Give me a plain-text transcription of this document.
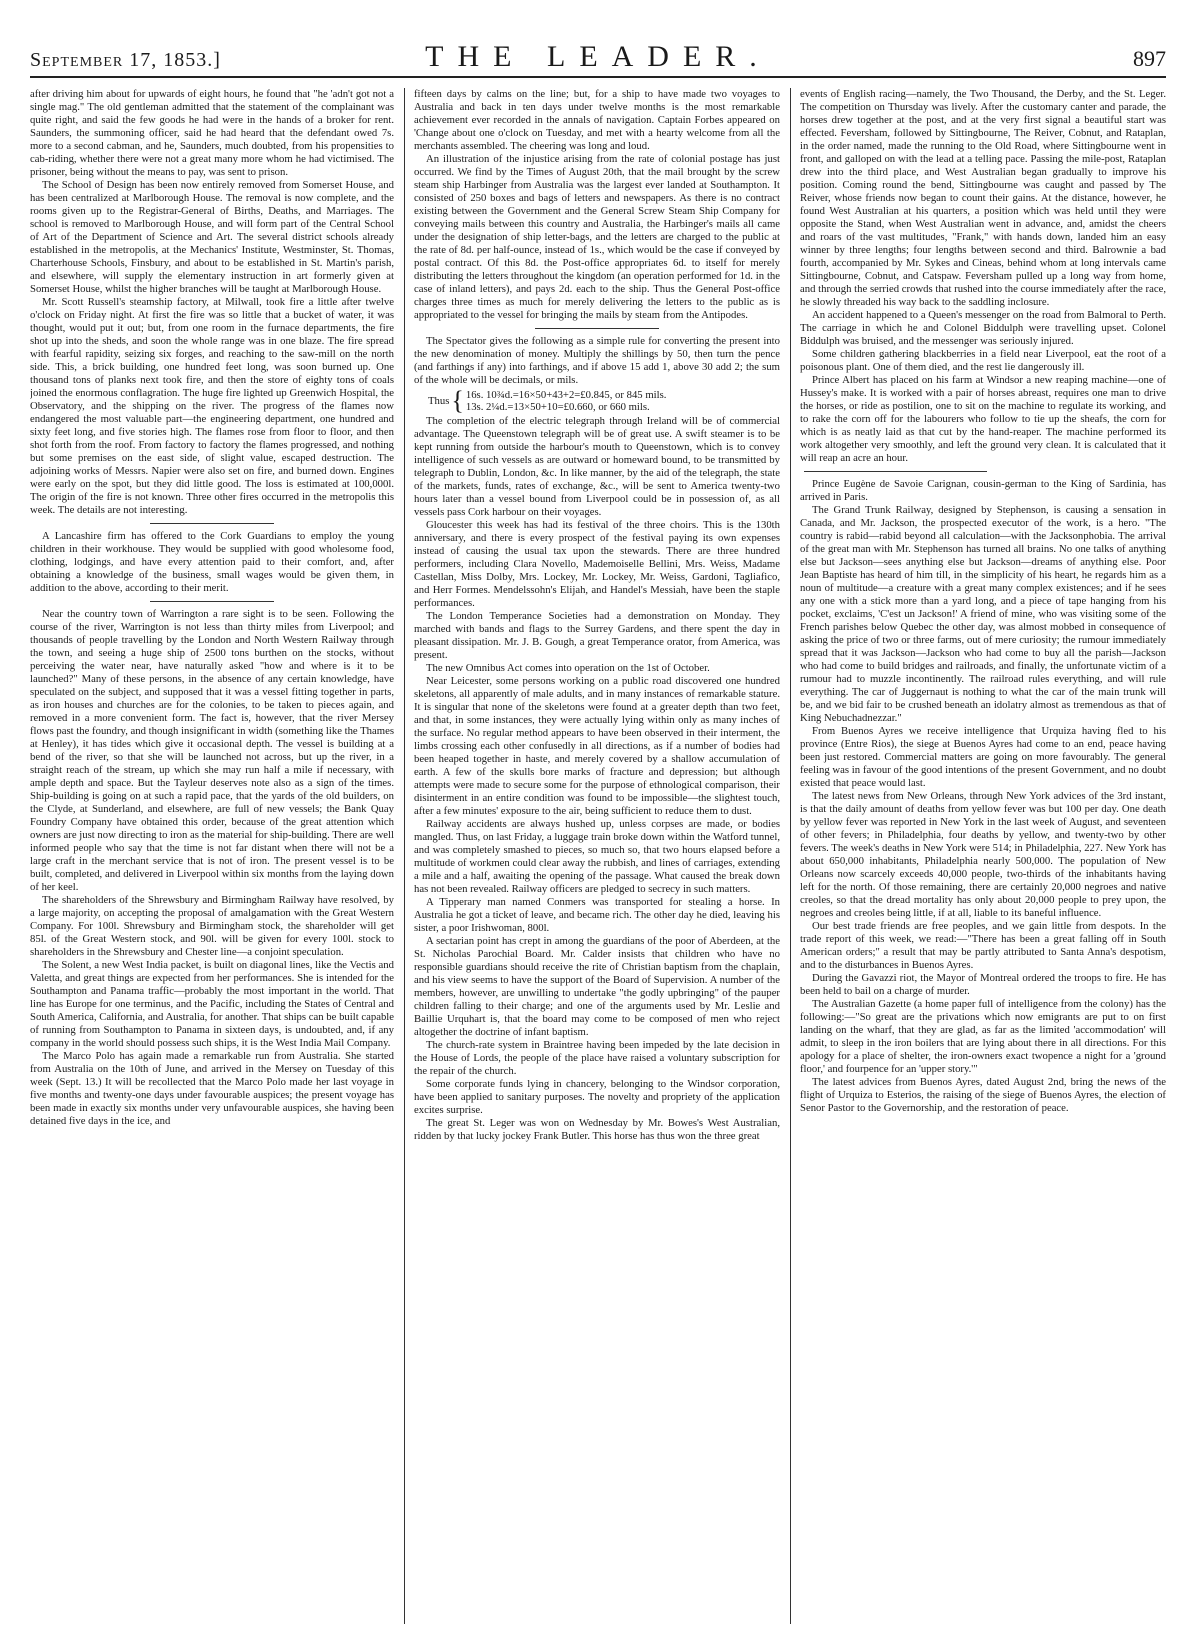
September 17, 1853.]	THE LEADER.	897

after driving him about for upwards of eight hours, he found that "he 'adn't got not a single mag." The old gentleman admitted that the statement of the complainant was quite right, and said the few goods he had were in the hands of a broker for rent. Saunders, the summoning officer, said he had heard that the defendant owed 7s. more to a second cabman, and he, Saunders, much doubted, from his propensities to cab-riding, whether there were not a great many more whom he had victimised. The prisoner, being without the means to pay, was sent to prison.

The School of Design has been now entirely removed from Somerset House, and has been centralized at Marlborough House. The removal is now complete, and the rooms given up to the Registrar-General of Births, Deaths, and Marriages. The school is removed to Marlborough House, and will form part of the Central School of Art of the Department of Science and Art. The several district schools already established in the metropolis, at the Mechanics' Institute, Westminster, St. Thomas, Charterhouse Schools, Finsbury, and about to be established in St. Martin's parish, and elsewhere, will supply the elementary instruction in art formerly given at Somerset House, whilst the higher branches will be taught at Marlborough House.

Mr. Scott Russell's steamship factory, at Milwall, took fire a little after twelve o'clock on Friday night. At first the fire was so little that a bucket of water, it was thought, would put it out; but, from one room in the furnace departments, the fire shot up into the sheds, and soon the whole range was in one blaze. The fire spread with fearful rapidity, seizing six forges, and reaching to the saw-mill on the north side. This, a brick building, one hundred feet long, was soon burned up. One thousand tons of planks next took fire, and then the store of eighty tons of coals joined the enormous conflagration. The huge fire lighted up Greenwich Hospital, the Observatory, and the shipping on the river. The progress of the flames now endangered the most valuable part—the engineering department, one hundred and sixty feet long, and five stories high. The flames rose from floor to floor, and then shot forth from the roof. From factory to factory the flames progressed, and nothing but some premises on the east side, of slight value, escaped destruction. The adjoining works of Messrs. Napier were also set on fire, and burned down. Engines were early on the spot, but they did little good. The loss is estimated at 100,000l. The origin of the fire is not known. Three other fires occurred in the metropolis this week. The details are not interesting.

A Lancashire firm has offered to the Cork Guardians to employ the young children in their workhouse. They would be supplied with good wholesome food, clothing, lodgings, and have every attention paid to their comfort, and, after obtaining a knowledge of the business, small wages would be given them, in addition to the above, according to their merit.

Near the country town of Warrington a rare sight is to be seen. Following the course of the river, Warrington is not less than thirty miles from Liverpool; and thousands of people travelling by the London and North Western Railway through the town, and seeing a huge ship of 2500 tons burthen on the stocks, without perceiving the water near, have naturally asked "how and where is it to be launched?" Many of these persons, in the absence of any certain knowledge, have speculated on the subject, and supposed that it was a vessel fitting together in parts, as iron houses and churches are for the colonies, to be taken to pieces again, and removed in a more convenient form. The fact is, however, that the river Mersey flows past the foundry, and though insignificant in width (something like the Thames at Henley), it has tides which give it occasional depth. The vessel is building at a bend of the river, so that she will be launched not across, but up the river, in a straight reach of the stream, up which she may run half a mile if necessary, with ample depth and space. But the Tayleur deserves note also as a sign of the times. Ship-building is going on at such a rapid pace, that the yards of the old builders, on the Clyde, at Sunderland, and elsewhere, are full of new vessels; the Bank Quay Foundry Company have obtained this order, because of the great attention which owners are just now directing to iron as the material for ship-building. There are well informed people who say that the time is not far distant when there will not be a large craft in the merchant service that is not of iron. The present vessel is to be built, completed, and delivered in Liverpool within six months from the laying down of her keel.

The shareholders of the Shrewsbury and Birmingham Railway have resolved, by a large majority, on accepting the proposal of amalgamation with the Great Western Company. For 100l. Shrewsbury and Birmingham stock, the shareholder will get 85l. of the Great Western stock, and 90l. will be given for every 100l. stock to shareholders in the Shrewsbury and Chester line—a conjoint speculation.

The Solent, a new West India packet, is built on diagonal lines, like the Vectis and Valetta, and great things are expected from her performances. She is intended for the Southampton and Panama traffic—probably the most important in the world. That line has Europe for one terminus, and the Pacific, including the States of Central and South America, California, and Australia, for another. That ships can be built capable of running from Southampton to Panama in sixteen days, is undoubted, and, if any company in the world should possess such ships, it is the West India Mail Company.

The Marco Polo has again made a remarkable run from Australia. She started from Australia on the 10th of June, and arrived in the Mersey on Tuesday of this week (Sept. 13.) It will be recollected that the Marco Polo made her last voyage in five months and twenty-one days under favourable auspices; the present voyage has been made in exactly six months under very unfavourable auspices, she having been detained five days in the ice, and

fifteen days by calms on the line; but, for a ship to have made two voyages to Australia and back in ten days under twelve months is the most remarkable achievement ever recorded in the annals of navigation. Captain Forbes appeared on 'Change about one o'clock on Tuesday, and met with a hearty welcome from all the merchants assembled. The cheering was long and loud.

An illustration of the injustice arising from the rate of colonial postage has just occurred. We find by the Times of August 20th, that the mail brought by the screw steam ship Harbinger from Australia was the largest ever landed at Southampton. It consisted of 250 boxes and bags of letters and newspapers. As there is no contract existing between the Government and the General Screw Steam Ship Company for conveying mails between this country and Australia, the Harbinger's mails all came under the designation of ship letter-bags, and the letters are charged to the public at the rate of 8d. per half-ounce, instead of 1s., which would be the case if conveyed by postal contract. Of this 8d. the Post-office appropriates 6d. to itself for merely distributing the letters throughout the kingdom (an operation performed for 1d. in the case of inland letters), and pays 2d. each to the ship. Thus the General Post-office charges three times as much for merely delivering the letters to the public as is appropriated to the vessel for bringing the mails by steam from the Antipodes.

The Spectator gives the following as a simple rule for converting the present into the new denomination of money. Multiply the shillings by 50, then turn the pence (and farthings if any) into farthings, and if above 15 add 1, above 30 add 2; the sum of the whole will be decimals, or mils.

Thus { 16s. 10¾d.=16×50+43+2=£0.845, or 845 mils.
13s. 2¼d.=13×50+10=£0.660, or 660 mils.

The completion of the electric telegraph through Ireland will be of commercial advantage. The Queenstown telegraph will be of great use. A swift steamer is to be kept running from outside the harbour's mouth to Queenstown, which is to convey intelligence of such vessels as are outward or homeward bound, to be transmitted by telegraph to Dublin, London, &c. In like manner, by the aid of the telegraph, the state of the markets, funds, rates of exchange, &c., will be sent to America twenty-two hours later than a vessel bound from Liverpool could be in possession of, as all vessels pass Cork harbour on their voyages.

Gloucester this week has had its festival of the three choirs. This is the 130th anniversary, and there is every prospect of the festival paying its own expenses instead of causing the usual tax upon the stewards. There are three hundred performers, including Clara Novello, Mademoiselle Bellini, Mrs. Weiss, Madame Castellan, Miss Dolby, Mrs. Lockey, Mr. Lockey, Mr. Weiss, Gardoni, Tagliafico, and Herr Formes. Mendelssohn's Elijah, and Handel's Messiah, have been the staple performances.

The London Temperance Societies had a demonstration on Monday. They marched with bands and flags to the Surrey Gardens, and there spent the day in pleasant dissipation. Mr. J. B. Gough, a great Temperance orator, from America, was present.

The new Omnibus Act comes into operation on the 1st of October.

Near Leicester, some persons working on a public road discovered one hundred skeletons, all apparently of male adults, and in many instances of remarkable stature. It is singular that none of the skeletons were found at a greater depth than two feet, and that, in some instances, they were actually lying within only as many inches of the surface. No regular method appears to have been observed in their interment, the limbs crossing each other confusedly in all directions, as if a number of bodies had been heaped together in haste, and merely covered by a shallow accumulation of earth. A few of the skulls bore marks of fracture and depression; but although attempts were made to secure some for the purpose of ethnological comparison, their disinterment in an entire condition was found to be impossible—the slightest touch, after a few minutes' exposure to the air, being sufficient to reduce them to dust.

Railway accidents are always hushed up, unless corpses are made, or bodies mangled. Thus, on last Friday, a luggage train broke down within the Watford tunnel, and was completely smashed to pieces, so much so, that two hours elapsed before a multitude of workmen could clear away the rubbish, and lines of carriages, extending a mile and a half, awaiting the opening of the passage. What caused the break down has not been revealed. Railway officers are pledged to secrecy in such matters.

A Tipperary man named Conmers was transported for stealing a horse. In Australia he got a ticket of leave, and became rich. The other day he died, leaving his sister, a poor Irishwoman, 800l.

A sectarian point has crept in among the guardians of the poor of Aberdeen, at the St. Nicholas Parochial Board. Mr. Calder insists that children who have no responsible guardians should receive the rite of Christian baptism from the chaplain, and his view seems to have the support of the Board of Supervision. A number of the members, however, are unwilling to undertake "the godly upbringing" of the pauper children falling to their charge; and one of the arguments used by Mr. Leslie and Baillie Urquhart is, that the board may come to be composed of men who reject altogether the doctrine of infant baptism.

The church-rate system in Braintree having been impeded by the late decision in the House of Lords, the people of the place have raised a voluntary subscription for the repair of the church.

Some corporate funds lying in chancery, belonging to the Windsor corporation, have been applied to sanitary purposes. The novelty and propriety of the application excites surprise.

The great St. Leger was won on Wednesday by Mr. Bowes's West Australian, ridden by that lucky jockey Frank Butler. This horse has thus won the three great

events of English racing—namely, the Two Thousand, the Derby, and the St. Leger. The competition on Thursday was lively. After the customary canter and parade, the horses drew together at the post, and at the very first signal a beautiful start was effected. Feversham, followed by Sittingbourne, The Reiver, Cobnut, and Rataplan, in the order named, made the running to the Old Road, where Sittingbourne went in front, and galloped on with the lead at a telling pace. Passing the mile-post, Rataplan drew into the third place, and West Australian began gradually to improve his position. Coming round the bend, Sittingbourne was caught and passed by The Reiver, whose friends now began to count their gains. At the distance, however, he found West Australian at his quarters, a position which was held until they were opposite the Stand, when West Australian went in advance, and, amidst the cheers and roars of the vast multitudes, "Frank," with hands down, landed him an easy winner by three lengths; four lengths between second and third. Balrownie a bad fourth, accompanied by Mr. Sykes and Cineas, behind whom at long intervals came Sittingbourne, Cobnut, and Catspaw. Feversham pulled up a long way from home, and through the serried crowds that rushed into the course immediately after the race, he slowly threaded his way back to the saddling inclosure.

An accident happened to a Queen's messenger on the road from Balmoral to Perth. The carriage in which he and Colonel Biddulph were travelling upset. Colonel Biddulph was bruised, and the messenger was seriously injured.

Some children gathering blackberries in a field near Liverpool, eat the root of a poisonous plant. One of them died, and the rest lie dangerously ill.

Prince Albert has placed on his farm at Windsor a new reaping machine—one of Hussey's make. It is worked with a pair of horses abreast, requires one man to drive the horses, or ride as postilion, one to sit on the machine to regulate its working, and to rake the corn off for the labourers who follow to tie up the sheafs, the corn for which is as neatly laid as that cut by the hand-reaper. The machine performed its work altogether very smoothly, and left the ground very clean. It is calculated that it will reap an acre an hour.

Prince Eugène de Savoie Carignan, cousin-german to the King of Sardinia, has arrived in Paris.

The Grand Trunk Railway, designed by Stephenson, is causing a sensation in Canada, and Mr. Jackson, the prospected executor of the work, is a hero. "The country is rabid—rabid beyond all calculation—with the Jacksonphobia. The arrival of the great man with Mr. Stephenson has turned all brains. No one talks of anything else but Jackson—sees anything else but Jackson—dreams of anything else. Poor Jean Baptiste has heard of him till, in the simplicity of his heart, he regards him as a noun of multitude—a creature with a great many complex existences; and if he sees any one with a stick more than a yard long, and a piece of tape hanging from his pocket, exclaims, 'C'est un Jackson!' A friend of mine, who was visiting some of the French parishes below Quebec the other day, was almost mobbed in consequence of asking the price of two or three farms, out of mere curiosity; the rumour immediately spread that it was Jackson—Jackson who had come to buy all the parish—Jackson who had come to build bridges and railroads, and finally, the unfortunate victim of a rumour had to muzzle incontinently. The railroad rules everything, and will rule everything. The car of Juggernaut is nothing to what the car of the main trunk will be, and we bid fair to be crushed beneath an idolatry almost as tremendous as that of King Nebuchadnezzar."

From Buenos Ayres we receive intelligence that Urquiza having fled to his province (Entre Rios), the siege at Buenos Ayres had come to an end, peace having been just restored. Commercial matters are going on more favourably. The general feeling was in favour of the good intentions of the present Government, and no doubt existed that peace would last.

The latest news from New Orleans, through New York advices of the 3rd instant, is that the daily amount of deaths from yellow fever was but 100 per day. One death by yellow fever was reported in New York in the last week of August, and seventeen of other fevers; in Philadelphia, four deaths by yellow, and twenty-two by other fevers. The week's deaths in New York were 514; in Philadelphia, 227. New York has about 650,000 inhabitants, Philadelphia nearly 500,000. The population of New Orleans now scarcely exceeds 40,000 people, two-thirds of the inhabitants having left for the north. Of those remaining, there are certainly 20,000 negroes and native creoles, so that the dread mortality has only about 20,000 people to prey upon, the negroes and creoles being little, if at all, liable to its baneful influence.

Our best trade friends are free peoples, and we gain little from despots. In the trade report of this week, we read:—"There has been a great falling off in South American orders;" a result that may be partly attributed to Santa Anna's despotism, and to the disturbances in Buenos Ayres.

During the Gavazzi riot, the Mayor of Montreal ordered the troops to fire. He has been held to bail on a charge of murder.

The Australian Gazette (a home paper full of intelligence from the colony) has the following:—"So great are the privations which now emigrants are put to on first landing on the wharf, that they are glad, as far as the limited 'accommodation' will admit, to sleep in the iron boilers that are lying about there in all directions. For this apology for a place of shelter, the iron-owners exact twopence a night for a 'ground floor,' and fourpence for an 'upper story.'"

The latest advices from Buenos Ayres, dated August 2nd, bring the news of the flight of Urquiza to Esterios, the raising of the siege of Buenos Ayres, the election of Senor Pastor to the Governorship, and the restoration of peace.
